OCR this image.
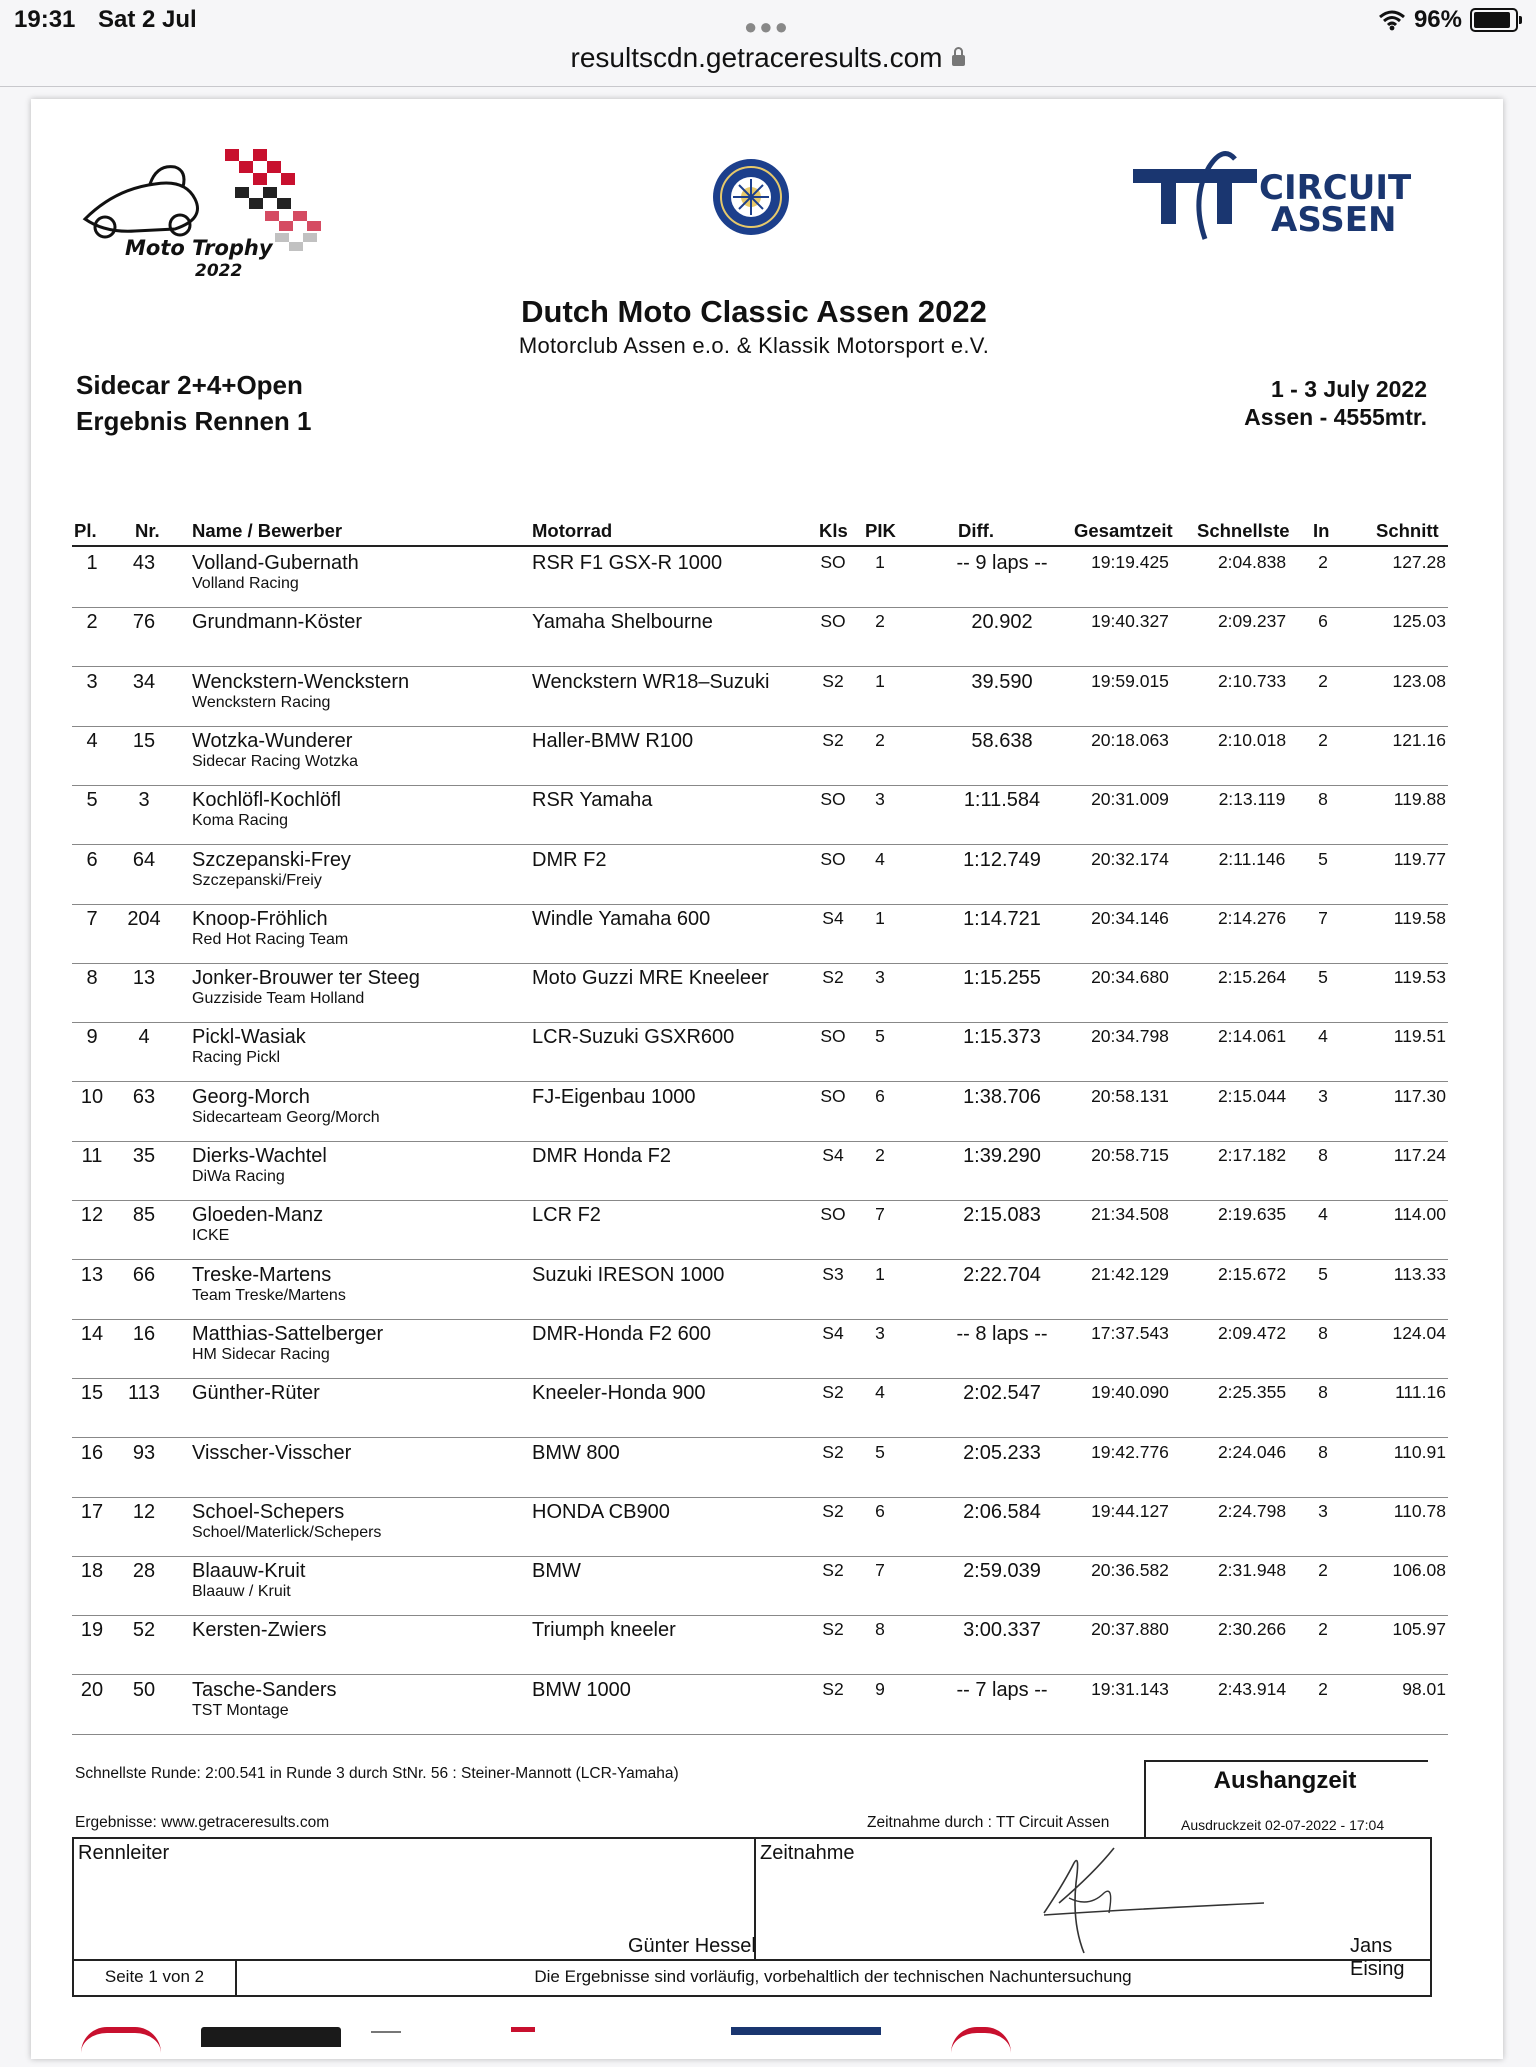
19:31 Sat 2 Jul	●●●	96%
resultscdn.getraceresults.com
Moto Trophy
2022
CIRCUIT
ASSEN
Dutch Moto Classic Assen 2022
Motorclub Assen e.o. & Klassik Motorsport e.V.
Sidecar 2+4+Open
Ergebnis Rennen 1
1 - 3 July 2022
Assen - 4555mtr.
Pl. Nr. Name / Bewerber	Motorrad	Kls PIK	Diff.	Gesamtzeit Schnellste In	Schnitt
1	43	Volland-Gubernath	RSR F1 GSX-R 1000	SO	1	-- 9 laps --	19:19.425	2:04.838	2	127.28
Volland Racing
2	76	Grundmann-Köster	Yamaha Shelbourne	SO	2	20.902	19:40.327	2:09.237	6	125.03
3	34	Wenckstern-Wenckstern	Wenckstern WR18–Suzuki	S2	1	39.590	19:59.015	2:10.733	2	123.08
Wenckstern Racing
4	15	Wotzka-Wunderer	Haller-BMW R100	S2	2	58.638	20:18.063	2:10.018	2	121.16
Sidecar Racing Wotzka
5	3	Kochlöfl-Kochlöfl	RSR Yamaha	SO	3	1:11.584	20:31.009	2:13.119	8	119.88
Koma Racing
6	64	Szczepanski-Frey	DMR F2	SO	4	1:12.749	20:32.174	2:11.146	5	119.77
Szczepanski/Freiy
7	204	Knoop-Fröhlich	Windle Yamaha 600	S4	1	1:14.721	20:34.146	2:14.276	7	119.58
Red Hot Racing Team
8	13	Jonker-Brouwer ter Steeg	Moto Guzzi MRE Kneeleer	S2	3	1:15.255	20:34.680	2:15.264	5	119.53
Guzziside Team Holland
9	4	Pickl-Wasiak	LCR-Suzuki GSXR600	SO	5	1:15.373	20:34.798	2:14.061	4	119.51
Racing Pickl
10	63	Georg-Morch	FJ-Eigenbau 1000	SO	6	1:38.706	20:58.131	2:15.044	3	117.30
Sidecarteam Georg/Morch
11	35	Dierks-Wachtel	DMR Honda F2	S4	2	1:39.290	20:58.715	2:17.182	8	117.24
DiWa Racing
12	85	Gloeden-Manz	LCR F2	SO	7	2:15.083	21:34.508	2:19.635	4	114.00
ICKE
13	66	Treske-Martens	Suzuki IRESON 1000	S3	1	2:22.704	21:42.129	2:15.672	5	113.33
Team Treske/Martens
14	16	Matthias-Sattelberger	DMR-Honda F2 600	S4	3	-- 8 laps --	17:37.543	2:09.472	8	124.04
HM Sidecar Racing
15	113	Günther-Rüter	Kneeler-Honda 900	S2	4	2:02.547	19:40.090	2:25.355	8	111.16
16	93	Visscher-Visscher	BMW 800	S2	5	2:05.233	19:42.776	2:24.046	8	110.91
17	12	Schoel-Schepers	HONDA CB900	S2	6	2:06.584	19:44.127	2:24.798	3	110.78
Schoel/Materlick/Schepers
18	28	Blaauw-Kruit	BMW	S2	7	2:59.039	20:36.582	2:31.948	2	106.08
Blaauw / Kruit
19	52	Kersten-Zwiers	Triumph kneeler	S2	8	3:00.337	20:37.880	2:30.266	2	105.97
20	50	Tasche-Sanders	BMW 1000	S2	9	-- 7 laps --	19:31.143	2:43.914	2	98.01
TST Montage
Schnellste Runde: 2:00.541 in Runde 3 durch StNr. 56 : Steiner-Mannott (LCR-Yamaha)
Ergebnisse: www.getraceresults.com	Zeitnahme durch : TT Circuit Assen
Aushangzeit
Ausdruckzeit 02-07-2022 - 17:04
Rennleiter	Zeitnahme
Günter Hessel	Jans Eising
Seite 1 von 2	Die Ergebnisse sind vorläufig, vorbehaltlich der technischen Nachuntersuchung
